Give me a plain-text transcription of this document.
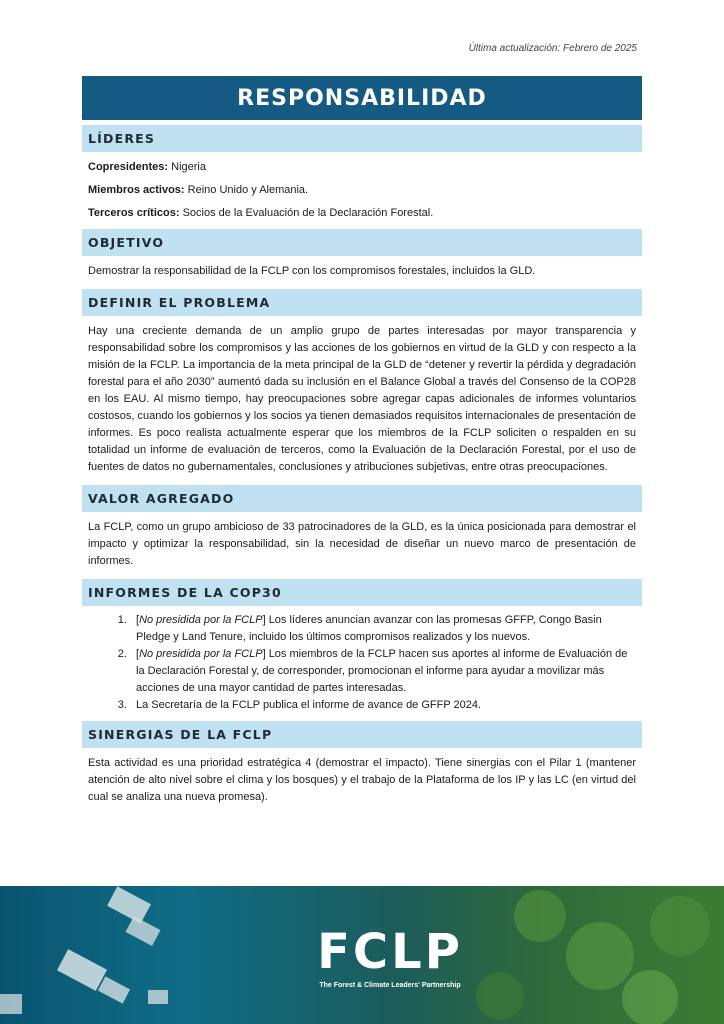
Última actualización: Febrero de 2025
RESPONSABILIDAD
LÍDERES

Copresidentes: Nigeria

Miembros activos: Reino Unido y Alemania.

Terceros críticos: Socios de la Evaluación de la Declaración Forestal.

OBJETIVO

Demostrar la responsabilidad de la FCLP con los compromisos forestales, incluidos la GLD.

DEFINIR EL PROBLEMA

Hay una creciente demanda de un amplio grupo de partes interesadas por mayor transparencia y responsabilidad sobre los compromisos y las acciones de los gobiernos en virtud de la GLD y con respecto a la misión de la FCLP. La importancia de la meta principal de la GLD de “detener y revertir la pérdida y degradación forestal para el año 2030” aumentó dada su inclusión en el Balance Global a través del Consenso de la COP28 en los EAU. Al mismo tiempo, hay preocupaciones sobre agregar capas adicionales de informes voluntarios costosos, cuando los gobiernos y los socios ya tienen demasiados requisitos internacionales de presentación de informes. Es poco realista actualmente esperar que los miembros de la FCLP soliciten o respalden en su totalidad un informe de evaluación de terceros, como la Evaluación de la Declaración Forestal, por el uso de fuentes de datos no gubernamentales, conclusiones y atribuciones subjetivas, entre otras preocupaciones.

VALOR AGREGADO

La FCLP, como un grupo ambicioso de 33 patrocinadores de la GLD, es la única posicionada para demostrar el impacto y optimizar la responsabilidad, sin la necesidad de diseñar un nuevo marco de presentación de informes.

INFORMES DE LA COP30
1. [No presidida por la FCLP] Los líderes anuncian avanzar con las promesas GFFP, Congo Basin Pledge y Land Tenure, incluido los últimos compromisos realizados y los nuevos.
2. [No presidida por la FCLP] Los miembros de la FCLP hacen sus aportes al informe de Evaluación de la Declaración Forestal y, de corresponder, promocionan el informe para ayudar a movilizar más acciones de una mayor cantidad de partes interesadas.
3. La Secretaría de la FCLP publica el informe de avance de GFFP 2024.
SINERGIAS DE LA FCLP

Esta actividad es una prioridad estratégica 4 (demostrar el impacto). Tiene sinergias con el Pilar 1 (mantener atención de alto nivel sobre el clima y los bosques) y el trabajo de la Plataforma de los IP y las LC (en virtud del cual se analiza una nueva promesa).

FCLP
The Forest & Climate Leaders' Partnership
